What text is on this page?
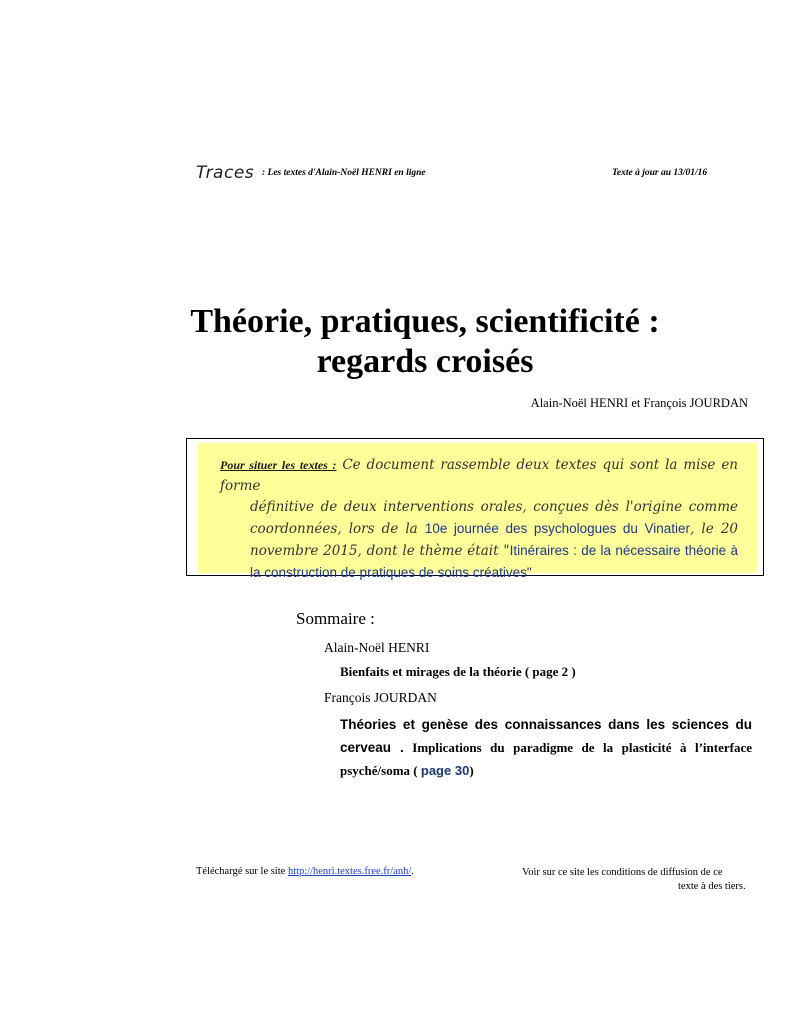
Traces : Les textes d'Alain-Noël HENRI en ligne	Texte à jour au 13/01/16
Théorie, pratiques, scientificité :
regards croisés
Alain-Noël HENRI et François JOURDAN
Pour situer les textes : Ce document rassemble deux textes qui sont la mise en forme
définitive de deux interventions orales, conçues dès l'origine comme coordonnées, lors de la 10e journée des psychologues du Vinatier, le 20 novembre 2015, dont le thème était "Itinéraires : de la nécessaire théorie à la construction de pratiques de soins créatives"
Sommaire :
Alain-Noël HENRI
Bienfaits et mirages de la théorie ( page 2 )
François JOURDAN
Théories et genèse des connaissances dans les sciences du cerveau . Implications du paradigme de la plasticité à l’interface psyché/soma ( page 30)
Téléchargé sur le site http://henri.textes.free.fr/anh/.	Voir sur ce site les conditions de diffusion de ce
texte à des tiers.
